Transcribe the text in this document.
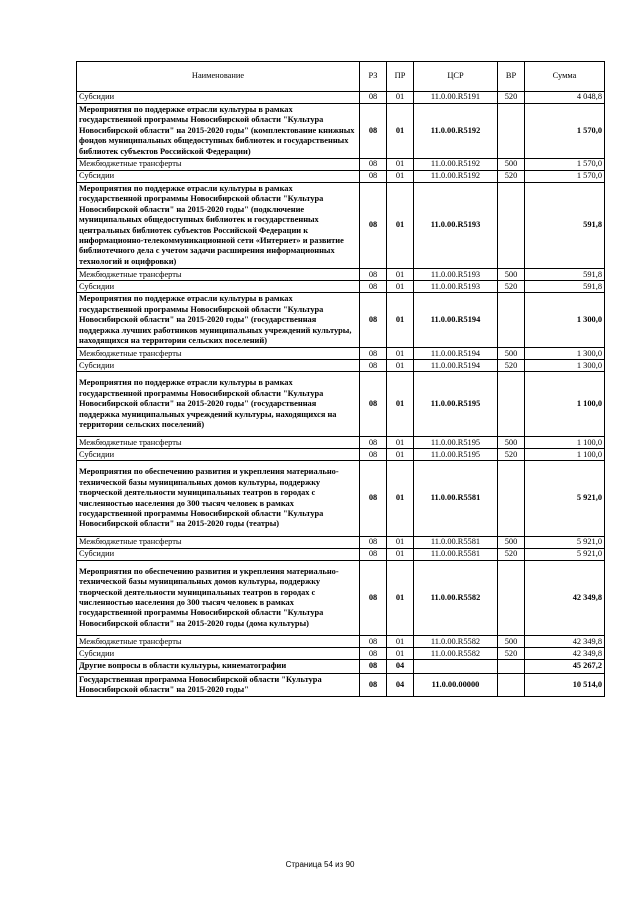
Наименование	РЗ	ПР	ЦСР	ВР	Сумма
Субсидии	08	01	11.0.00.R5191	520	4 048,8
Мероприятия по поддержке отрасли культуры в рамках государственной программы Новосибирской области "Культура Новосибирской области" на 2015-2020 годы" (комплектование книжных фондов муниципальных общедоступных библиотек и государственных библиотек субъектов Российской Федерации)	08	01	11.0.00.R5192		1 570,0
Межбюджетные трансферты	08	01	11.0.00.R5192	500	1 570,0
Субсидии	08	01	11.0.00.R5192	520	1 570,0
Мероприятия по поддержке отрасли культуры в рамках государственной программы Новосибирской области "Культура Новосибирской области" на 2015-2020 годы" (подключение муниципальных общедоступных библиотек и государственных центральных библиотек субъектов Российской Федерации к информационно-телекоммуникационной сети «Интернет» и развитие библиотечного дела с учетом задачи расширения информационных технологий и оцифровки)	08	01	11.0.00.R5193		591,8
Межбюджетные трансферты	08	01	11.0.00.R5193	500	591,8
Субсидии	08	01	11.0.00.R5193	520	591,8
Мероприятия по поддержке отрасли культуры в рамках государственной программы Новосибирской области "Культура Новосибирской области" на 2015-2020 годы" (государственная поддержка лучших работников муниципальных учреждений культуры, находящихся на территории сельских поселений)	08	01	11.0.00.R5194		1 300,0
Межбюджетные трансферты	08	01	11.0.00.R5194	500	1 300,0
Субсидии	08	01	11.0.00.R5194	520	1 300,0
Мероприятия по поддержке отрасли культуры в рамках государственной программы Новосибирской области "Культура Новосибирской области" на 2015-2020 годы" (государственная поддержка муниципальных учреждений культуры, находящихся на территории сельских поселений)	08	01	11.0.00.R5195		1 100,0
Межбюджетные трансферты	08	01	11.0.00.R5195	500	1 100,0
Субсидии	08	01	11.0.00.R5195	520	1 100,0
Мероприятия по обеспечению развития и укрепления материально-технической базы муниципальных домов культуры, поддержку творческой деятельности муниципальных театров в городах с численностью населения до 300 тысяч человек в рамках государственной программы Новосибирской области "Культура Новосибирской области" на 2015-2020 годы (театры)	08	01	11.0.00.R5581		5 921,0
Межбюджетные трансферты	08	01	11.0.00.R5581	500	5 921,0
Субсидии	08	01	11.0.00.R5581	520	5 921,0
Мероприятия по обеспечению развития и укрепления материально-технической базы муниципальных домов культуры, поддержку творческой деятельности муниципальных театров в городах с численностью населения до 300 тысяч человек в рамках государственной программы Новосибирской области "Культура Новосибирской области" на 2015-2020 годы (дома культуры)	08	01	11.0.00.R5582		42 349,8
Межбюджетные трансферты	08	01	11.0.00.R5582	500	42 349,8
Субсидии	08	01	11.0.00.R5582	520	42 349,8
Другие вопросы в области культуры, кинематографии	08	04			45 267,2
Государственная программа Новосибирской области "Культура Новосибирской области" на 2015-2020 годы"	08	04	11.0.00.00000		10 514,0
Страница 54 из 90
